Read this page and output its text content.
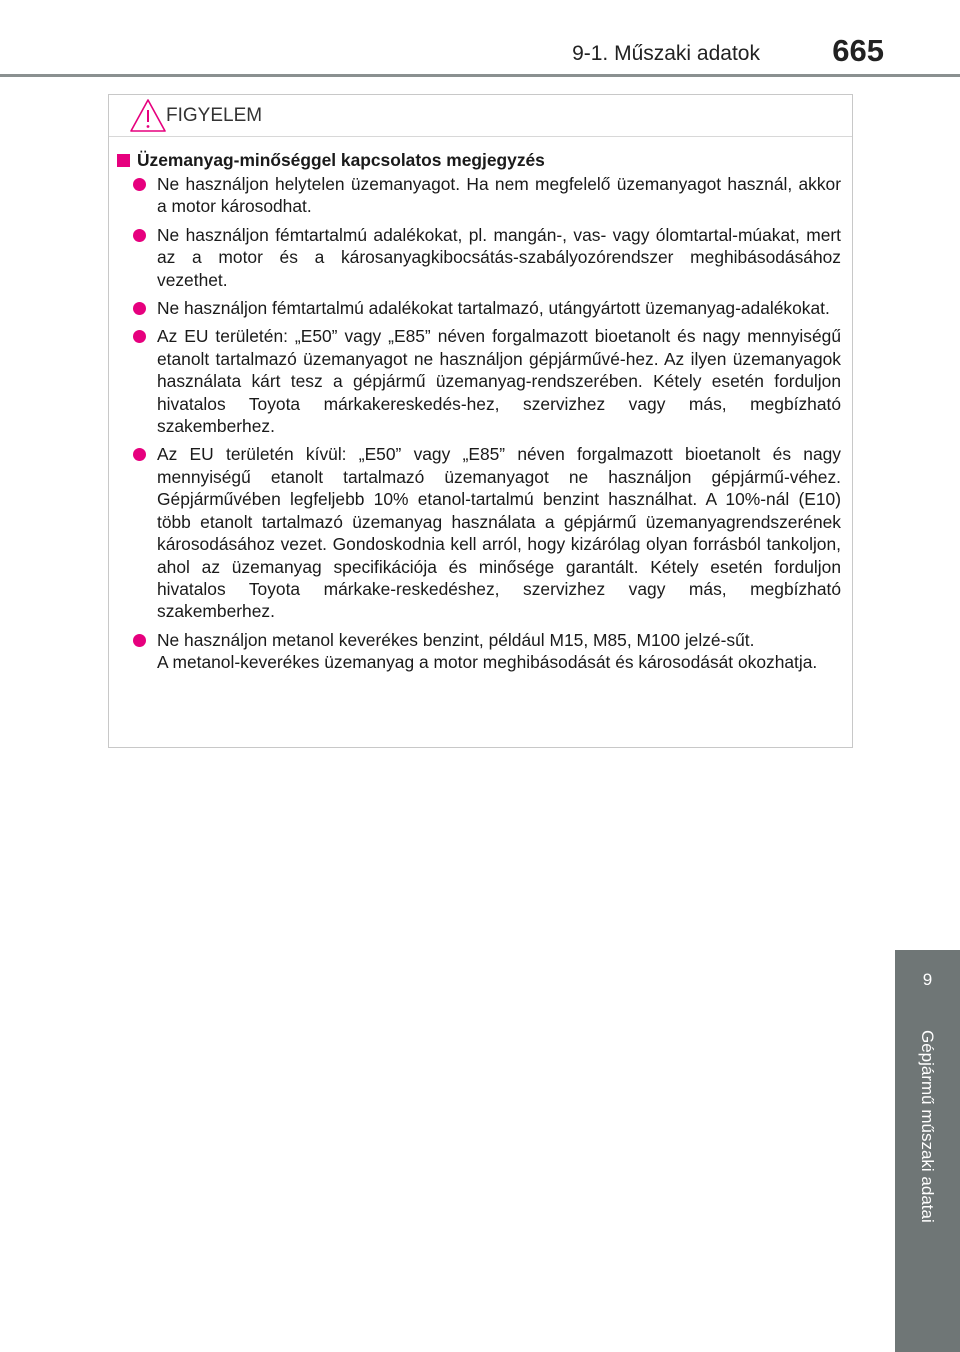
9-1. Műszaki adatok 665
FIGYELEM
Üzemanyag-minőséggel kapcsolatos megjegyzés
Ne használjon helytelen üzemanyagot. Ha nem megfelelő üzemanyagot használ, akkor a motor károsodhat.
Ne használjon fémtartalmú adalékokat, pl. mangán-, vas- vagy ólomtartal-múakat, mert az a motor és a károsanyagkibocsátás-szabályozórendszer meghibásodásához vezethet.
Ne használjon fémtartalmú adalékokat tartalmazó, utángyártott üzemanyag-adalékokat.
Az EU területén: „E50” vagy „E85” néven forgalmazott bioetanolt és nagy mennyiségű etanolt tartalmazó üzemanyagot ne használjon gépjárművé-hez. Az ilyen üzemanyagok használata kárt tesz a gépjármű üzemanyag-rendszerében. Kétely esetén forduljon hivatalos Toyota márkakereskedés-hez, szervizhez vagy más, megbízható szakemberhez.
Az EU területén kívül: „E50” vagy „E85” néven forgalmazott bioetanolt és nagy mennyiségű etanolt tartalmazó üzemanyagot ne használjon gépjármű-véhez. Gépjárművében legfeljebb 10% etanol-tartalmú benzint használhat. A 10%-nál (E10) több etanolt tartalmazó üzemanyag használata a gépjármű üzemanyagrendszerének károsodásához vezet. Gondoskodnia kell arról, hogy kizárólag olyan forrásból tankoljon, ahol az üzemanyag specifikációja és minősége garantált. Kétely esetén forduljon hivatalos Toyota márkake-reskedéshez, szervizhez vagy más, megbízható szakemberhez.
Ne használjon metanol keverékes benzint, például M15, M85, M100 jelzé-sűt.
A metanol-keverékes üzemanyag a motor meghibásodását és károsodását okozhatja.
9
Gépjármű műszaki adatai
